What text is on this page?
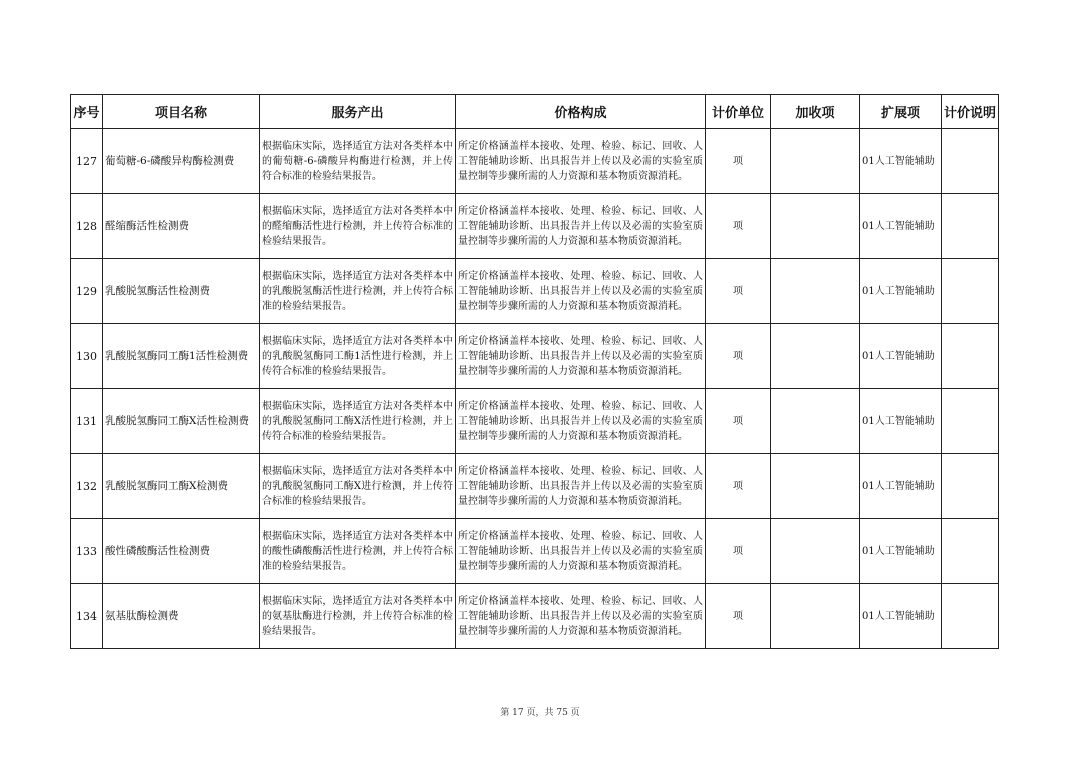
序号	项目名称	服务产出	价格构成	计价单位	加收项	扩展项	计价说明
127	葡萄糖-6-磷酸异构酶检测费	根据临床实际，选择适宜方法对各类样本中的葡萄糖-6-磷酸异构酶进行检测，并上传符合标准的检验结果报告。	所定价格涵盖样本接收、处理、检验、标记、回收、人工智能辅助诊断、出具报告并上传以及必需的实验室质量控制等步骤所需的人力资源和基本物质资源消耗。	项		01人工智能辅助	
128	醛缩酶活性检测费	根据临床实际，选择适宜方法对各类样本中的醛缩酶活性进行检测，并上传符合标准的检验结果报告。	所定价格涵盖样本接收、处理、检验、标记、回收、人工智能辅助诊断、出具报告并上传以及必需的实验室质量控制等步骤所需的人力资源和基本物质资源消耗。	项		01人工智能辅助	
129	乳酸脱氢酶活性检测费	根据临床实际，选择适宜方法对各类样本中的乳酸脱氢酶活性进行检测，并上传符合标准的检验结果报告。	所定价格涵盖样本接收、处理、检验、标记、回收、人工智能辅助诊断、出具报告并上传以及必需的实验室质量控制等步骤所需的人力资源和基本物质资源消耗。	项		01人工智能辅助	
130	乳酸脱氢酶同工酶1活性检测费	根据临床实际，选择适宜方法对各类样本中的乳酸脱氢酶同工酶1活性进行检测，并上传符合标准的检验结果报告。	所定价格涵盖样本接收、处理、检验、标记、回收、人工智能辅助诊断、出具报告并上传以及必需的实验室质量控制等步骤所需的人力资源和基本物质资源消耗。	项		01人工智能辅助	
131	乳酸脱氢酶同工酶X活性检测费	根据临床实际，选择适宜方法对各类样本中的乳酸脱氢酶同工酶X活性进行检测，并上传符合标准的检验结果报告。	所定价格涵盖样本接收、处理、检验、标记、回收、人工智能辅助诊断、出具报告并上传以及必需的实验室质量控制等步骤所需的人力资源和基本物质资源消耗。	项		01人工智能辅助	
132	乳酸脱氢酶同工酶X检测费	根据临床实际，选择适宜方法对各类样本中的乳酸脱氢酶同工酶X进行检测，并上传符合标准的检验结果报告。	所定价格涵盖样本接收、处理、检验、标记、回收、人工智能辅助诊断、出具报告并上传以及必需的实验室质量控制等步骤所需的人力资源和基本物质资源消耗。	项		01人工智能辅助	
133	酸性磷酸酶活性检测费	根据临床实际，选择适宜方法对各类样本中的酸性磷酸酶活性进行检测，并上传符合标准的检验结果报告。	所定价格涵盖样本接收、处理、检验、标记、回收、人工智能辅助诊断、出具报告并上传以及必需的实验室质量控制等步骤所需的人力资源和基本物质资源消耗。	项		01人工智能辅助	
134	氨基肽酶检测费	根据临床实际，选择适宜方法对各类样本中的氨基肽酶进行检测，并上传符合标准的检验结果报告。	所定价格涵盖样本接收、处理、检验、标记、回收、人工智能辅助诊断、出具报告并上传以及必需的实验室质量控制等步骤所需的人力资源和基本物质资源消耗。	项		01人工智能辅助	
第 17 页，共 75 页
